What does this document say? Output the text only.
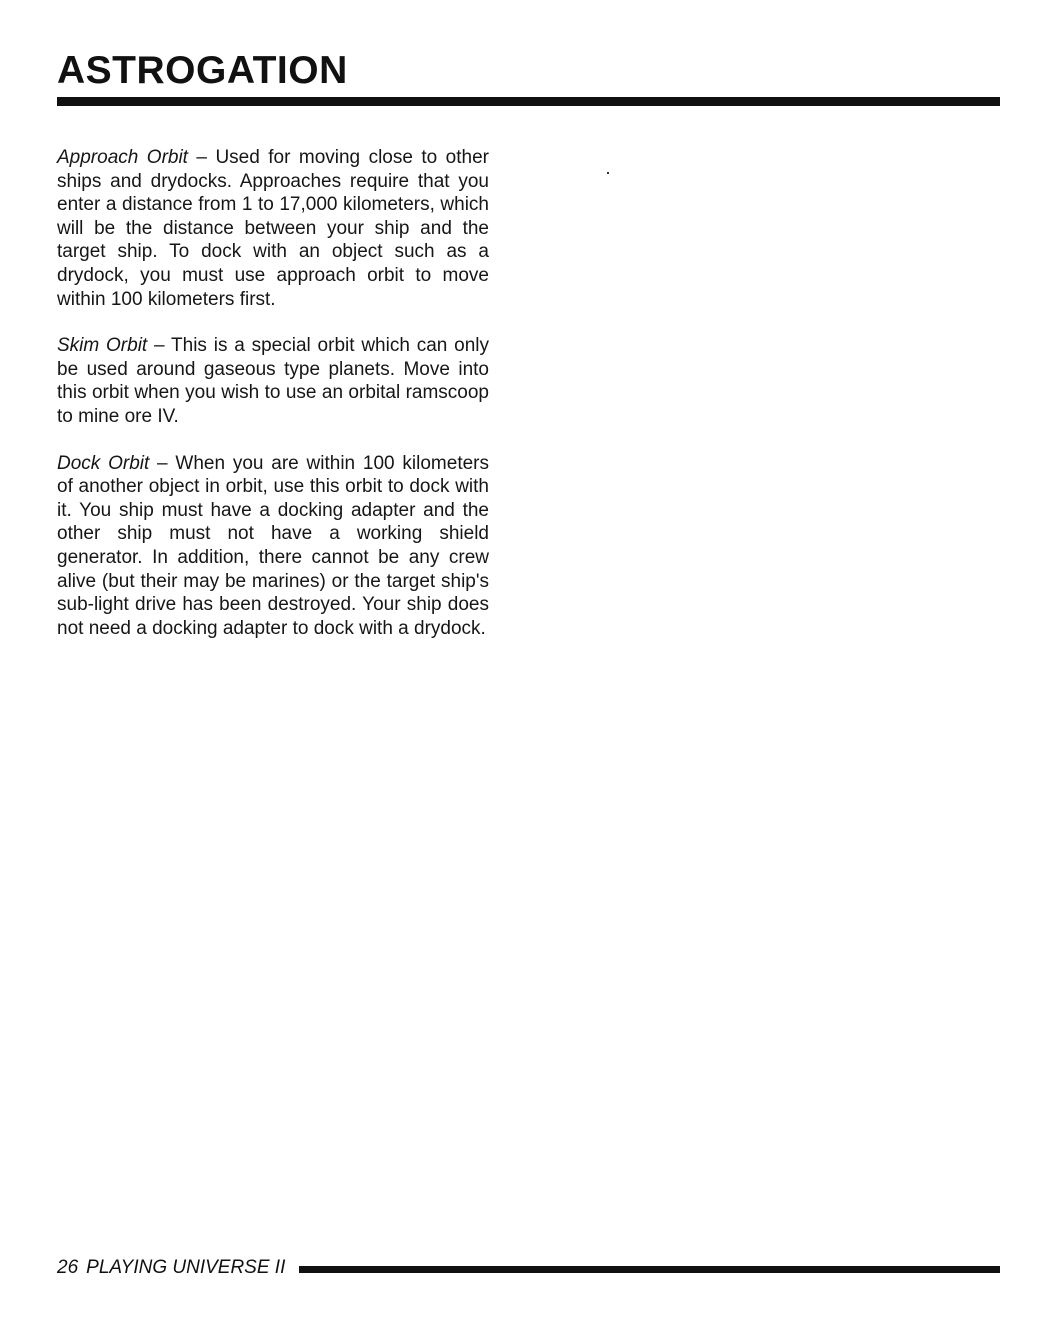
ASTROGATION

Approach Orbit – Used for moving close to other ships and drydocks. Approaches require that you enter a distance from 1 to 17,000 kilometers, which will be the distance between your ship and the target ship. To dock with an object such as a drydock, you must use approach orbit to move within 100 kilometers first.

Skim Orbit – This is a special orbit which can only be used around gaseous type planets. Move into this orbit when you wish to use an orbital ramscoop to mine ore IV.

Dock Orbit – When you are within 100 kilometers of another object in orbit, use this orbit to dock with it. You ship must have a docking adapter and the other ship must not have a working shield generator. In addition, there cannot be any crew alive (but their may be marines) or the target ship's sub-light drive has been destroyed. Your ship does not need a docking adapter to dock with a drydock.

26 PLAYING UNIVERSE II
